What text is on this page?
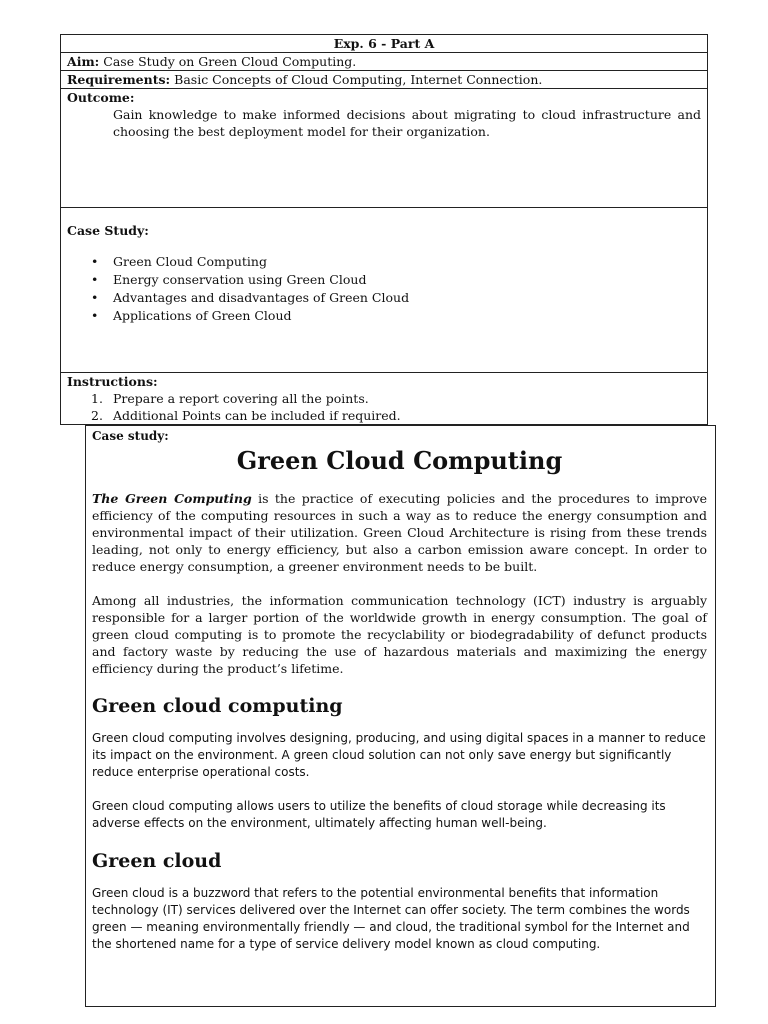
Exp. 6 - Part A
Aim: Case Study on Green Cloud Computing.
Requirements: Basic Concepts of Cloud Computing, Internet Connection.
Outcome:

Gain knowledge to make informed decisions about migrating to cloud infrastructure and choosing the best deployment model for their organization.

Case Study:
• Green Cloud Computing
• Energy conservation using Green Cloud
• Advantages and disadvantages of Green Cloud
• Applications of Green Cloud
Instructions:
1. Prepare a report covering all the points.
2. Additional Points can be included if required.
Case study:
Green Cloud Computing

The Green Computing is the practice of executing policies and the procedures to improve efficiency of the computing resources in such a way as to reduce the energy consumption and environmental impact of their utilization. Green Cloud Architecture is rising from these trends leading, not only to energy efficiency, but also a carbon emission aware concept. In order to reduce energy consumption, a greener environment needs to be built.

Among all industries, the information communication technology (ICT) industry is arguably responsible for a larger portion of the worldwide growth in energy consumption. The goal of green cloud computing is to promote the recyclability or biodegradability of defunct products and factory waste by reducing the use of hazardous materials and maximizing the energy efficiency during the product’s lifetime.

Green cloud computing

Green cloud computing involves designing, producing, and using digital spaces in a manner to reduce its impact on the environment. A green cloud solution can not only save energy but significantly reduce enterprise operational costs.

Green cloud computing allows users to utilize the benefits of cloud storage while decreasing its adverse effects on the environment, ultimately affecting human well-being.

Green cloud

Green cloud is a buzzword that refers to the potential environmental benefits that information technology (IT) services delivered over the Internet can offer society. The term combines the words green — meaning environmentally friendly — and cloud, the traditional symbol for the Internet and the shortened name for a type of service delivery model known as cloud computing.
